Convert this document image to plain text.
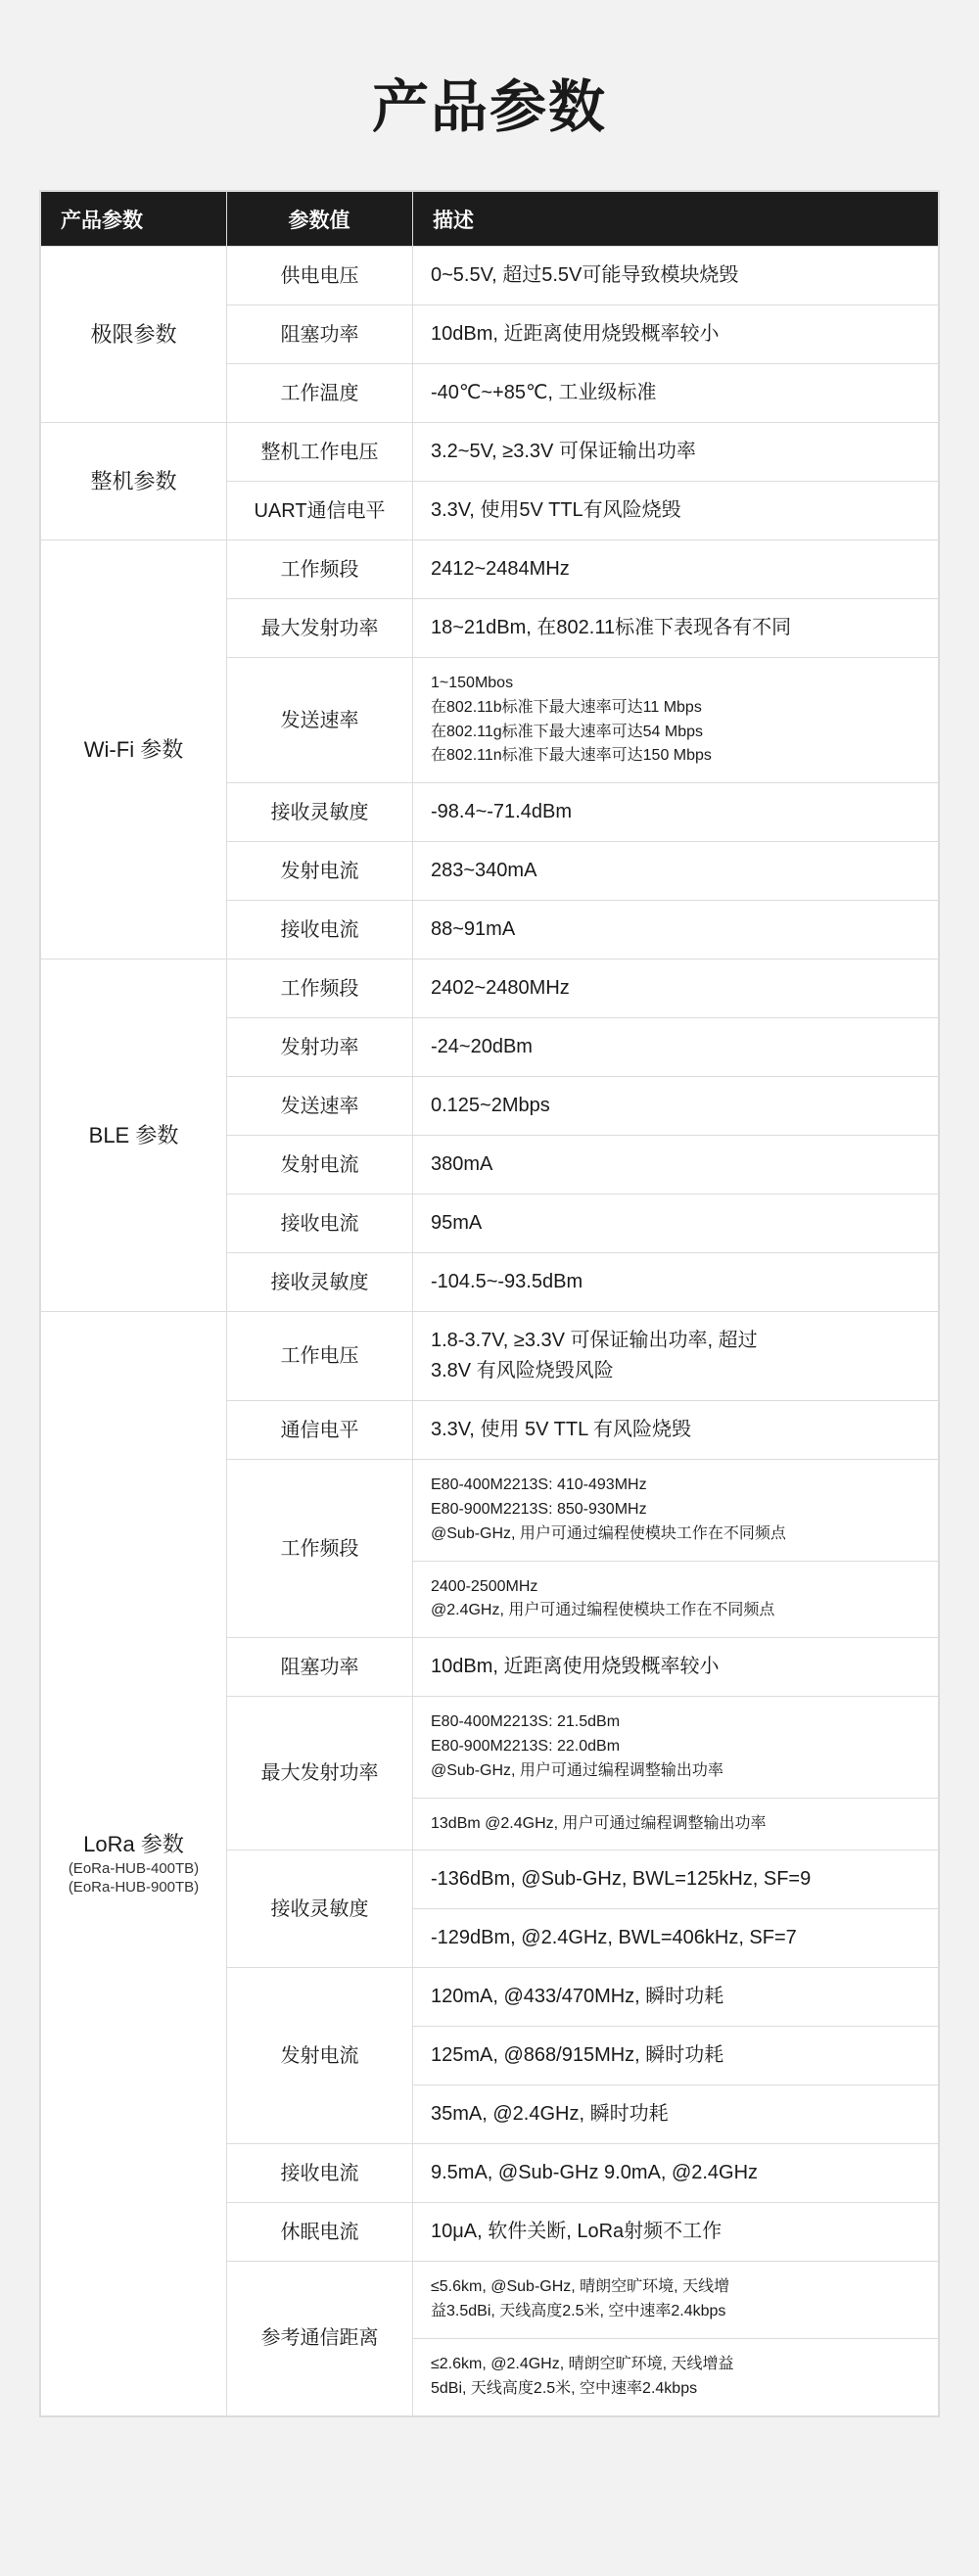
产品参数
产品参数	参数值	描述
极限参数	供电电压	0~5.5V, 超过5.5V可能导致模块烧毁

	阻塞功率	10dBm, 近距离使用烧毁概率较小

	工作温度	-40℃~+85℃, 工业级标准

整机参数	整机工作电压	3.2~5V, ≥3.3V 可保证输出功率

	UART通信电平	3.3V, 使用5V TTL有风险烧毁

Wi-Fi 参数	工作频段	2412~2484MHz

	最大发射功率	18~21dBm, 在802.11标准下表现各有不同

	发送速率	1~150Mbos
在802.11b标准下最大速率可达11 Mbps
在802.11g标准下最大速率可达54 Mbps
在802.11n标准下最大速率可达150 Mbps

	接收灵敏度	-98.4~-71.4dBm

	发射电流	283~340mA

	接收电流	88~91mA

BLE 参数	工作频段	2402~2480MHz

	发射功率	-24~20dBm

	发送速率	0.125~2Mbps

	发射电流	380mA

	接收电流	95mA

	接收灵敏度	-104.5~-93.5dBm

LoRa 参数
(EoRa-HUB-400TB)
(EoRa-HUB-900TB)	工作电压	1.8-3.7V, ≥3.3V 可保证输出功率, 超过
3.8V 有风险烧毁风险

	通信电平	3.3V, 使用 5V TTL 有风险烧毁

	工作频段	E80-400M2213S: 410-493MHz
E80-900M2213S: 850-930MHz
@Sub-GHz, 用户可通过编程使模块工作在不同频点

		2400-2500MHz
@2.4GHz, 用户可通过编程使模块工作在不同频点

	阻塞功率	10dBm, 近距离使用烧毁概率较小

	最大发射功率	E80-400M2213S: 21.5dBm
E80-900M2213S: 22.0dBm
@Sub-GHz, 用户可通过编程调整输出功率

		13dBm @2.4GHz, 用户可通过编程调整输出功率

	接收灵敏度	-136dBm, @Sub-GHz, BWL=125kHz, SF=9

		-129dBm, @2.4GHz, BWL=406kHz, SF=7

	发射电流	120mA, @433/470MHz, 瞬时功耗

		125mA, @868/915MHz, 瞬时功耗

		35mA, @2.4GHz, 瞬时功耗

	接收电流	9.5mA, @Sub-GHz 9.0mA, @2.4GHz

	休眠电流	10μA, 软件关断, LoRa射频不工作

	参考通信距离	≤5.6km, @Sub-GHz, 晴朗空旷环境, 天线增
益3.5dBi, 天线高度2.5米, 空中速率2.4kbps

		≤2.6km, @2.4GHz, 晴朗空旷环境, 天线增益
5dBi, 天线高度2.5米, 空中速率2.4kbps
